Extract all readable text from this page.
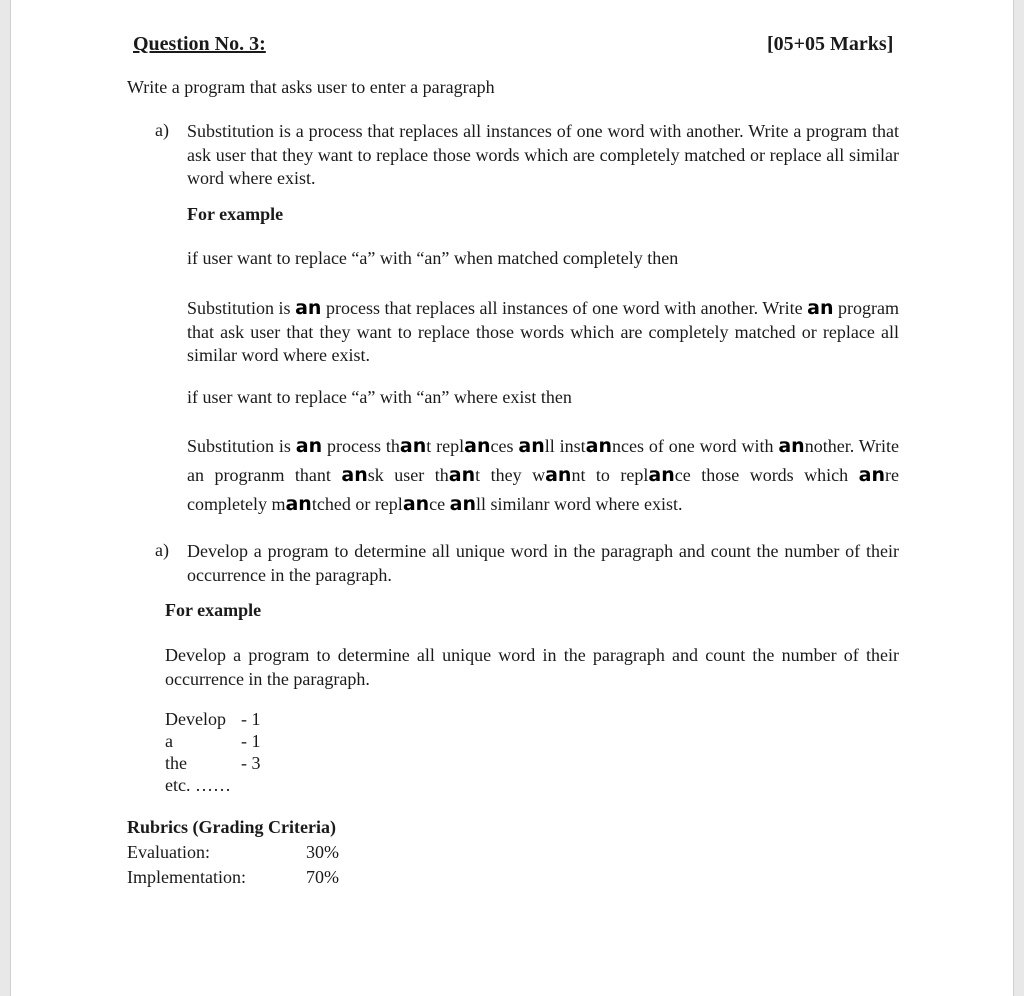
Question No. 3:	[05+05 Marks]
Write a program that asks user to enter a paragraph
a) Substitution is a process that replaces all instances of one word with another. Write a program that ask user that they want to replace those words which are completely matched or replace all similar word where exist.
For example
if user want to replace “a” with “an” when matched completely then
Substitution is an process that replaces all instances of one word with another. Write an program that ask user that they want to replace those words which are completely matched or replace all similar word where exist.
if user want to replace “a” with “an” where exist then
Substitution is an process thant replances anll instannces of one word with annother. Write an progranm thant ansk user thant they wannt to replance those words which anre completely mantched or replance anll similanr word where exist.
a) Develop a program to determine all unique word in the paragraph and count the number of their occurrence in the paragraph.
For example
Develop a program to determine all unique word in the paragraph and count the number of their occurrence in the paragraph.
Develop - 1
a	- 1
the	- 3
etc. ……
Rubrics (Grading Criteria)
Evaluation:	30%
Implementation:	70%
